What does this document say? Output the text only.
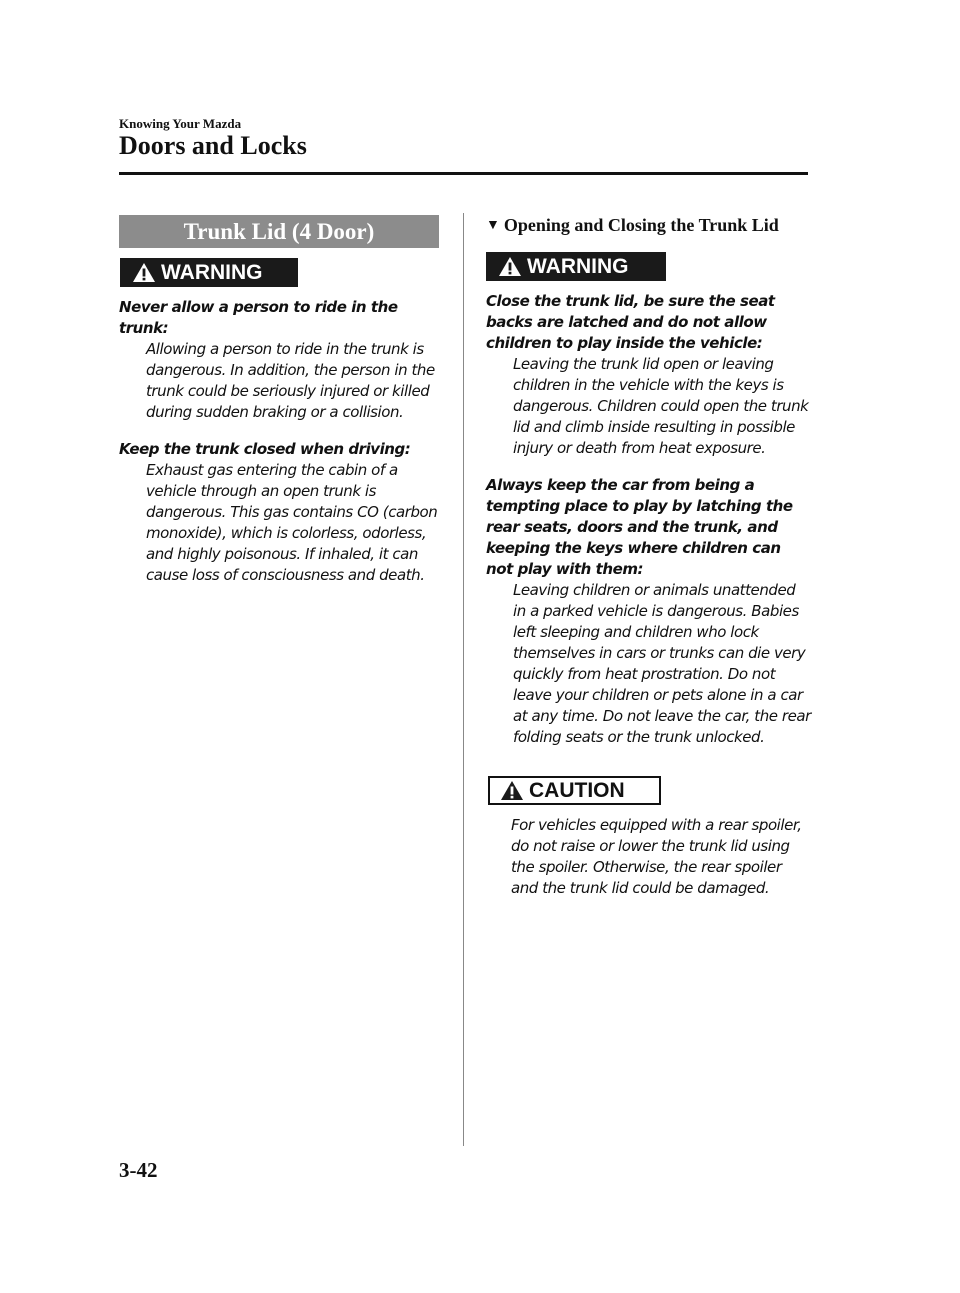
Knowing Your Mazda
Doors and Locks
Trunk Lid (4 Door)
WARNING

Never allow a person to ride in the trunk:

Allowing a person to ride in the trunk is dangerous. In addition, the person in the trunk could be seriously injured or killed during sudden braking or a collision.

Keep the trunk closed when driving:

Exhaust gas entering the cabin of a vehicle through an open trunk is dangerous. This gas contains CO (carbon monoxide), which is colorless, odorless, and highly poisonous. If inhaled, it can cause loss of consciousness and death.

▼ Opening and Closing the Trunk Lid
WARNING

Close the trunk lid, be sure the seat backs are latched and do not allow children to play inside the vehicle:

Leaving the trunk lid open or leaving children in the vehicle with the keys is dangerous. Children could open the trunk lid and climb inside resulting in possible injury or death from heat exposure.

Always keep the car from being a tempting place to play by latching the rear seats, doors and the trunk, and keeping the keys where children can not play with them:

Leaving children or animals unattended in a parked vehicle is dangerous. Babies left sleeping and children who lock themselves in cars or trunks can die very quickly from heat prostration. Do not leave your children or pets alone in a car at any time. Do not leave the car, the rear folding seats or the trunk unlocked.

CAUTION

For vehicles equipped with a rear spoiler, do not raise or lower the trunk lid using the spoiler. Otherwise, the rear spoiler and the trunk lid could be damaged.

3-42
